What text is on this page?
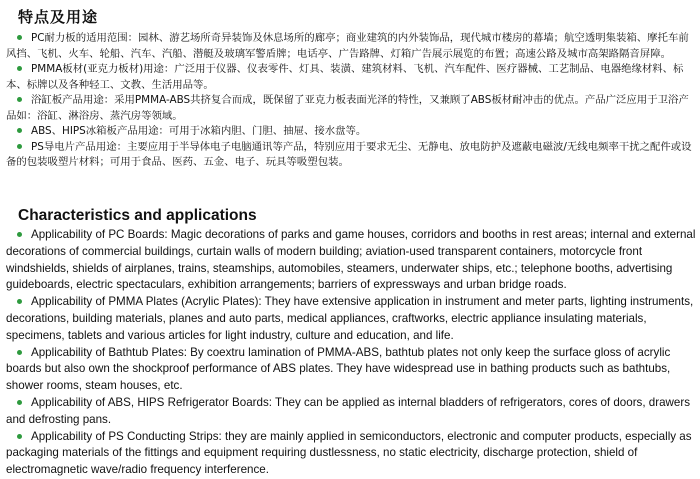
特点及用途
PC耐力板的适用范围：园林、游艺场所奇异装饰及休息场所的廊亭；商业建筑的内外装饰品，现代城市楼房的幕墙；航空透明集装箱、摩托车前风挡、飞机、火车、轮船、汽车、汽船、潜艇及玻璃军警盾牌；电话亭、广告路牌、灯箱广告展示展览的布置；高速公路及城市高架路隔音屏障。
PMMA板材(亚克力板材)用途：广泛用于仪器、仪表零件、灯具、装潢、建筑材料、飞机、汽车配件、医疗器械、工艺制品、电器绝缘材料、标本、标牌以及各种轻工、文教、生活用品等。
浴缸板产品用途：采用PMMA-ABS共挤复合而成，既保留了亚克力板表面光泽的特性，又兼顾了ABS板材耐冲击的优点。产品广泛应用于卫浴产品如：浴缸、淋浴房、蒸汽房等领域。
ABS、HIPS冰箱板产品用途：可用于冰箱内胆、门胆、抽屉、接水盘等。
PS导电片产品用途：主要应用于半导体电子电脑通讯等产品，特别应用于要求无尘、无静电、放电防护及遮蔽电磁波/无线电频率干扰之配件或设备的包装吸塑片材料；可用于食品、医药、五金、电子、玩具等吸塑包装。
Characteristics and applications
Applicability of PC Boards: Magic decorations of parks and game houses, corridors and booths in rest areas; internal and external decorations of commercial buildings, curtain walls of modern building; aviation-used transparent containers, motorcycle front windshields, shields of airplanes, trains, steamships, automobiles, steamers, underwater ships, etc.; telephone booths, advertising guideboards, electric spectaculars, exhibition arrangements; barriers of expressways and urban bridge roads.
Applicability of PMMA Plates (Acrylic Plates): They have extensive application in instrument and meter parts, lighting instruments, decorations, building materials, planes and auto parts, medical appliances, craftworks, electric appliance insulating materials, specimens, tablets and various articles for light industry, culture and education, and life.
Applicability of Bathtub Plates: By coextru lamination of PMMA-ABS, bathtub plates not only keep the surface gloss of acrylic boards but also own the shockproof performance of ABS plates. They have widespread use in bathing products such as bathtubs, shower rooms, steam houses, etc.
Applicability of ABS, HIPS Refrigerator Boards: They can be applied as internal bladders of refrigerators, cores of doors, drawers and defrosting pans.
Applicability of PS Conducting Strips: they are mainly applied in semiconductors, electronic and computer products, especially as packaging materials of the fittings and equipment requiring dustlessness, no static electricity, discharge protection, shield of electromagnetic wave/radio frequency interference.
